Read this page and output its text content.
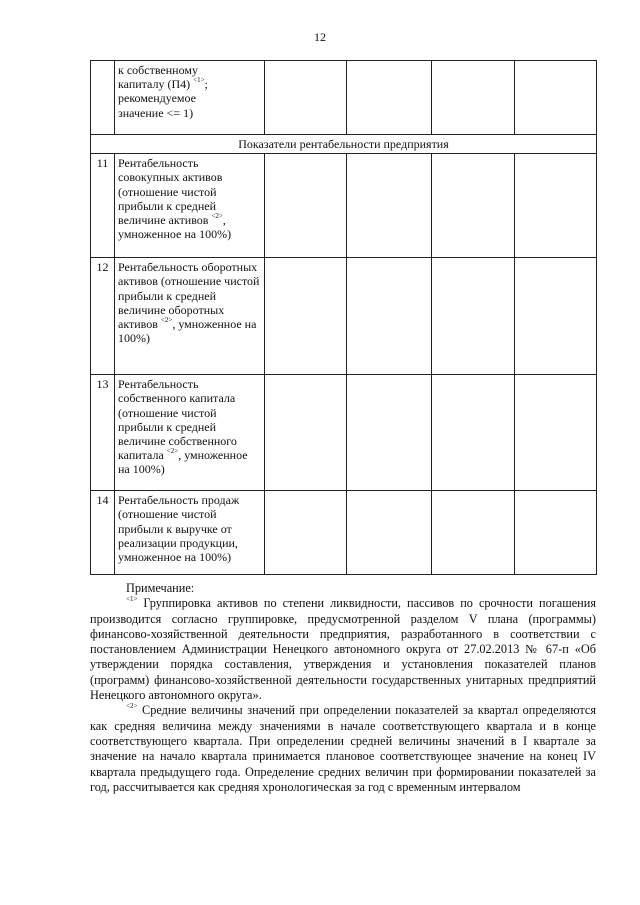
12
	к собственному
капиталу (П4) $^{<1>}$; рекомендуемое
значение <= 1)				
Показатели рентабельности предприятия					
11	Рентабельность совокупных активов (отношение чистой прибыли к средней величине активов $^{<2>}$, умноженное на 100%)				
12	Рентабельность оборотных активов (отношение чистой прибыли к средней величине оборотных активов $^{<2>}$, умноженное на 100%)				
13	Рентабельность собственного капитала (отношение чистой прибыли к средней величине собственного капитала $^{<2>}$, умноженное на 100%)				
14	Рентабельность продаж (отношение чистой прибыли к выручке от реализации продукции, умноженное на 100%)				

Примечание:

$^{<1>}$ Группировка активов по степени ликвидности, пассивов по срочности погашения производится согласно группировке, предусмотренной разделом V плана (программы) финансово-хозяйственной деятельности предприятия, разработанного в соответствии с постановлением Администрации Ненецкого автономного округа от 27.02.2013 № 67-п «Об утверждении порядка составления, утверждения и установления показателей планов (программ) финансово-хозяйственной деятельности государственных унитарных предприятий Ненецкого автономного округа».

$^{<2>}$ Средние величины значений при определении показателей за квартал определяются как средняя величина между значениями в начале соответствующего квартала и в конце соответствующего квартала. При определении средней величины значений в I квартале за значение на начало квартала принимается плановое соответствующее значение на конец IV квартала предыдущего года. Определение средних величин при формировании показателей за год, рассчитывается как средняя хронологическая за год с временным интервалом
